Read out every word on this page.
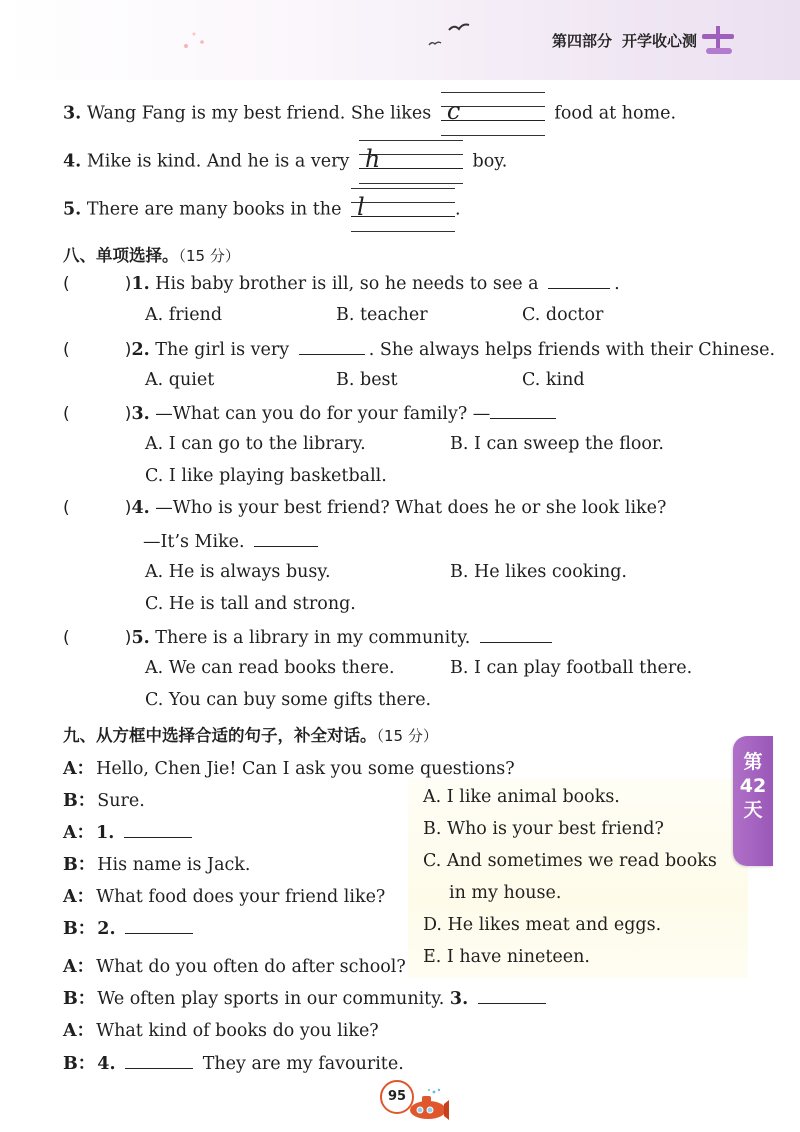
第四部分 开学收心测
3. Wang Fang is my best friend. She likes c	food at home.
4. Mike is kind. And he is a very h	boy.
5. There are many books in the l	.
八、单项选择。（15 分）
(	)1. His baby brother is ill, so he needs to see a	.
A. friend	B. teacher	C. doctor
(	)2. The girl is very	. She always helps friends with their Chinese.
A. quiet	B. best	C. kind
(	)3. —What can you do for your family? —
A. I can go to the library.	B. I can sweep the floor.
C. I like playing basketball.
(	)4. —Who is your best friend? What does he or she look like?
—It’s Mike.
A. He is always busy.	B. He likes cooking.
C. He is tall and strong.
(	)5. There is a library in my community.
A. We can read books there.	B. I can play football there.
C. You can buy some gifts there.
九、从方框中选择合适的句子，补全对话。（15 分）
A： Hello, Chen Jie! Can I ask you some questions?
B： Sure.
A： 1.
B： His name is Jack.
A： What food does your friend like?
B： 2.
A： What do you often do after school?
B： We often play sports in our community. 3.
A： What kind of books do you like?
B： 4.	They are my favourite.
A. I like animal books.
B. Who is your best friend?
C. And sometimes we read books
in my house.
D. He likes meat and eggs.
E. I have nineteen.
第
42
天
95
